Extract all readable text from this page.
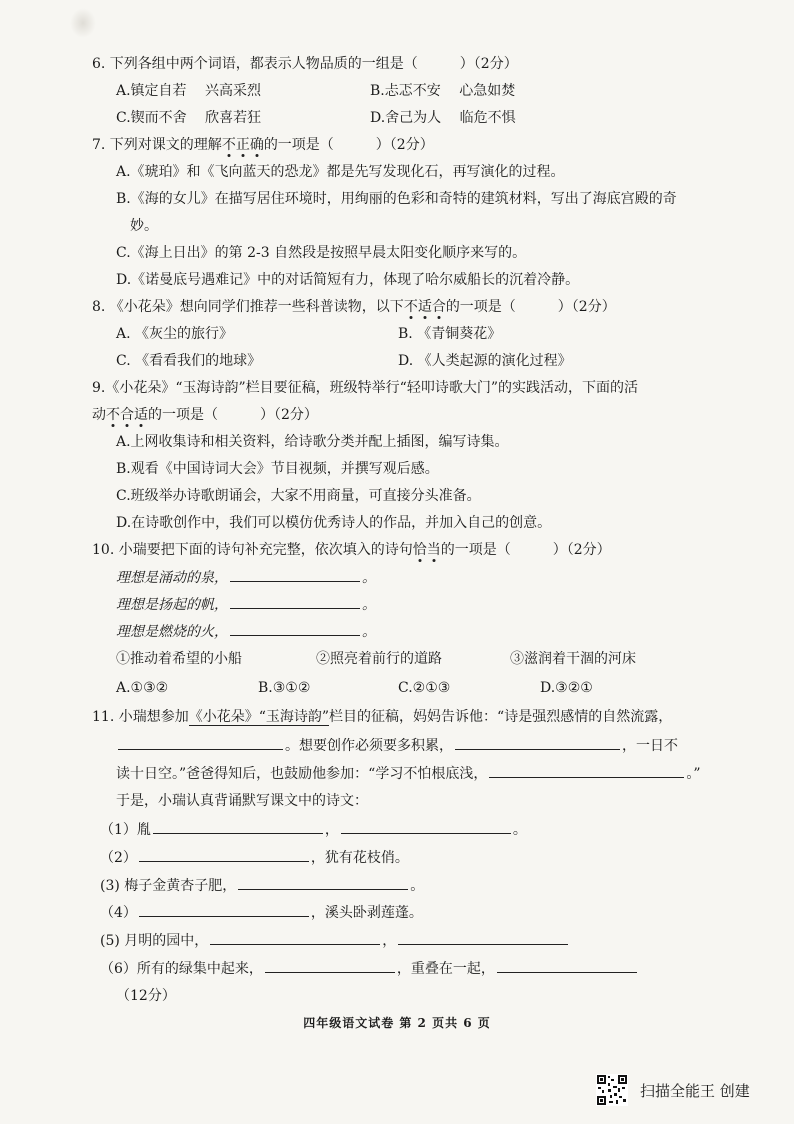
6. 下列各组中两个词语，都表示人物品质的一组是（　　　）（2分）
A.镇定自若　 兴高采烈	B.忐忑不安　 心急如焚
C.锲而不舍　 欣喜若狂	D.舍己为人　 临危不惧
7. 下列对课文的理解不正确的一项是（　　　）（2分）
A.《琥珀》和《飞向蓝天的恐龙》都是先写发现化石，再写演化的过程。
B.《海的女儿》在描写居住环境时，用绚丽的色彩和奇特的建筑材料，写出了海底宫殿的奇
妙。
C.《海上日出》的第 2-3 自然段是按照早晨太阳变化顺序来写的。
D.《诺曼底号遇难记》中的对话简短有力，体现了哈尔威船长的沉着冷静。
8. 《小花朵》想向同学们推荐一些科普读物，以下不适合的一项是（　　　）（2分）
A. 《灰尘的旅行》	B. 《青铜葵花》
C. 《看看我们的地球》	D. 《人类起源的演化过程》
9.《小花朵》“玉海诗韵”栏目要征稿，班级特举行“轻叩诗歌大门”的实践活动，下面的活
动不合适的一项是（　　　）（2分）
A.上网收集诗和相关资料，给诗歌分类并配上插图，编写诗集。
B.观看《中国诗词大会》节目视频，并撰写观后感。
C.班级举办诗歌朗诵会，大家不用商量，可直接分头准备。
D.在诗歌创作中，我们可以模仿优秀诗人的作品，并加入自己的创意。
10. 小瑞要把下面的诗句补充完整，依次填入的诗句恰当的一项是（　　　）（2分）
理想是涌动的泉，	。
理想是扬起的帆，	。
理想是燃烧的火，	。
①推动着希望的小船	②照亮着前行的道路	③滋润着干涸的河床
A.①③②	B.③①②	C.②①③	D.③②①
11. 小瑞想参加《小花朵》“玉海诗韵”栏目的征稿，妈妈告诉他：“诗是强烈感情的自然流露，
。想要创作必须要多积累，	，一日不
读十日空。”爸爸得知后，也鼓励他参加：“学习不怕根底浅，	。”
于是，小瑞认真背诵默写课文中的诗文：
（1）胤	，	。
（2）	，犹有花枝俏。
(3) 梅子金黄杏子肥，	。
（4）	，溪头卧剥莲蓬。
(5) 月明的园中，	，
（6）所有的绿集中起来，	，重叠在一起，
（12分）
四年级语文试卷 第 2 页共 6 页
扫描全能王 创建
